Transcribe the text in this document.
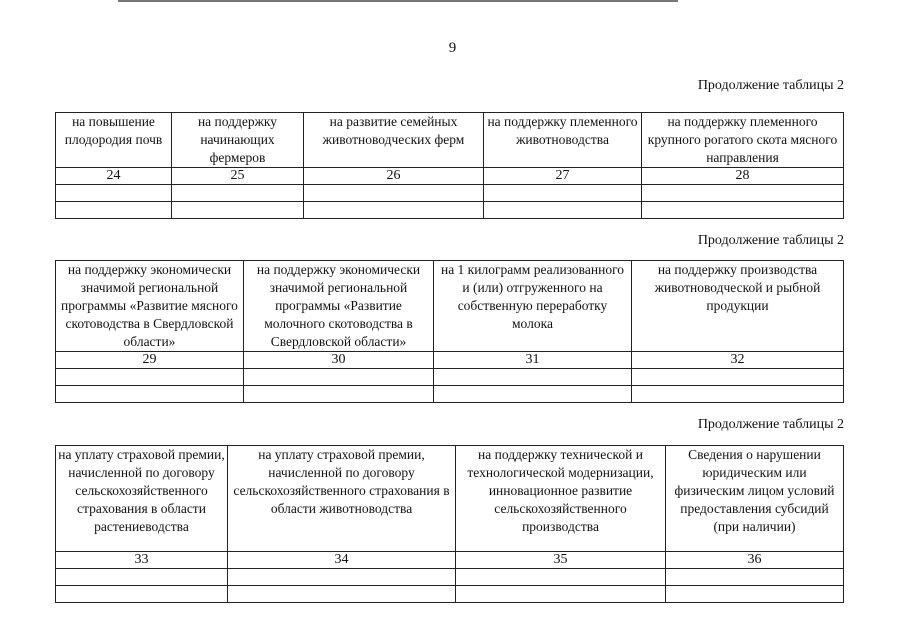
9
Продолжение таблицы 2
на повышение плодородия почв	на поддержку начинающих фермеров	на развитие семейных животноводческих ферм	на поддержку племенного животноводства	на поддержку племенного крупного рогатого скота мясного направления
24	25	26	27	28

Продолжение таблицы 2
на поддержку экономически значимой региональной программы «Развитие мясного скотоводства в Свердловской области»	на поддержку экономически значимой региональной программы «Развитие молочного скотоводства в Свердловской области»	на 1 килограмм реализованного и (или) отгруженного на собственную переработку молока	на поддержку производства животноводческой и рыбной продукции
29	30	31	32

Продолжение таблицы 2
на уплату страховой премии, начисленной по договору сельскохозяйственного страхования в области растениеводства	на уплату страховой премии, начисленной по договору сельскохозяйственного страхования в области животноводства	на поддержку технической и технологической модернизации, инновационное развитие сельскохозяйственного производства	Сведения о нарушении юридическим или физическим лицом условий предоставления субсидий (при наличии)
33	34	35	36
